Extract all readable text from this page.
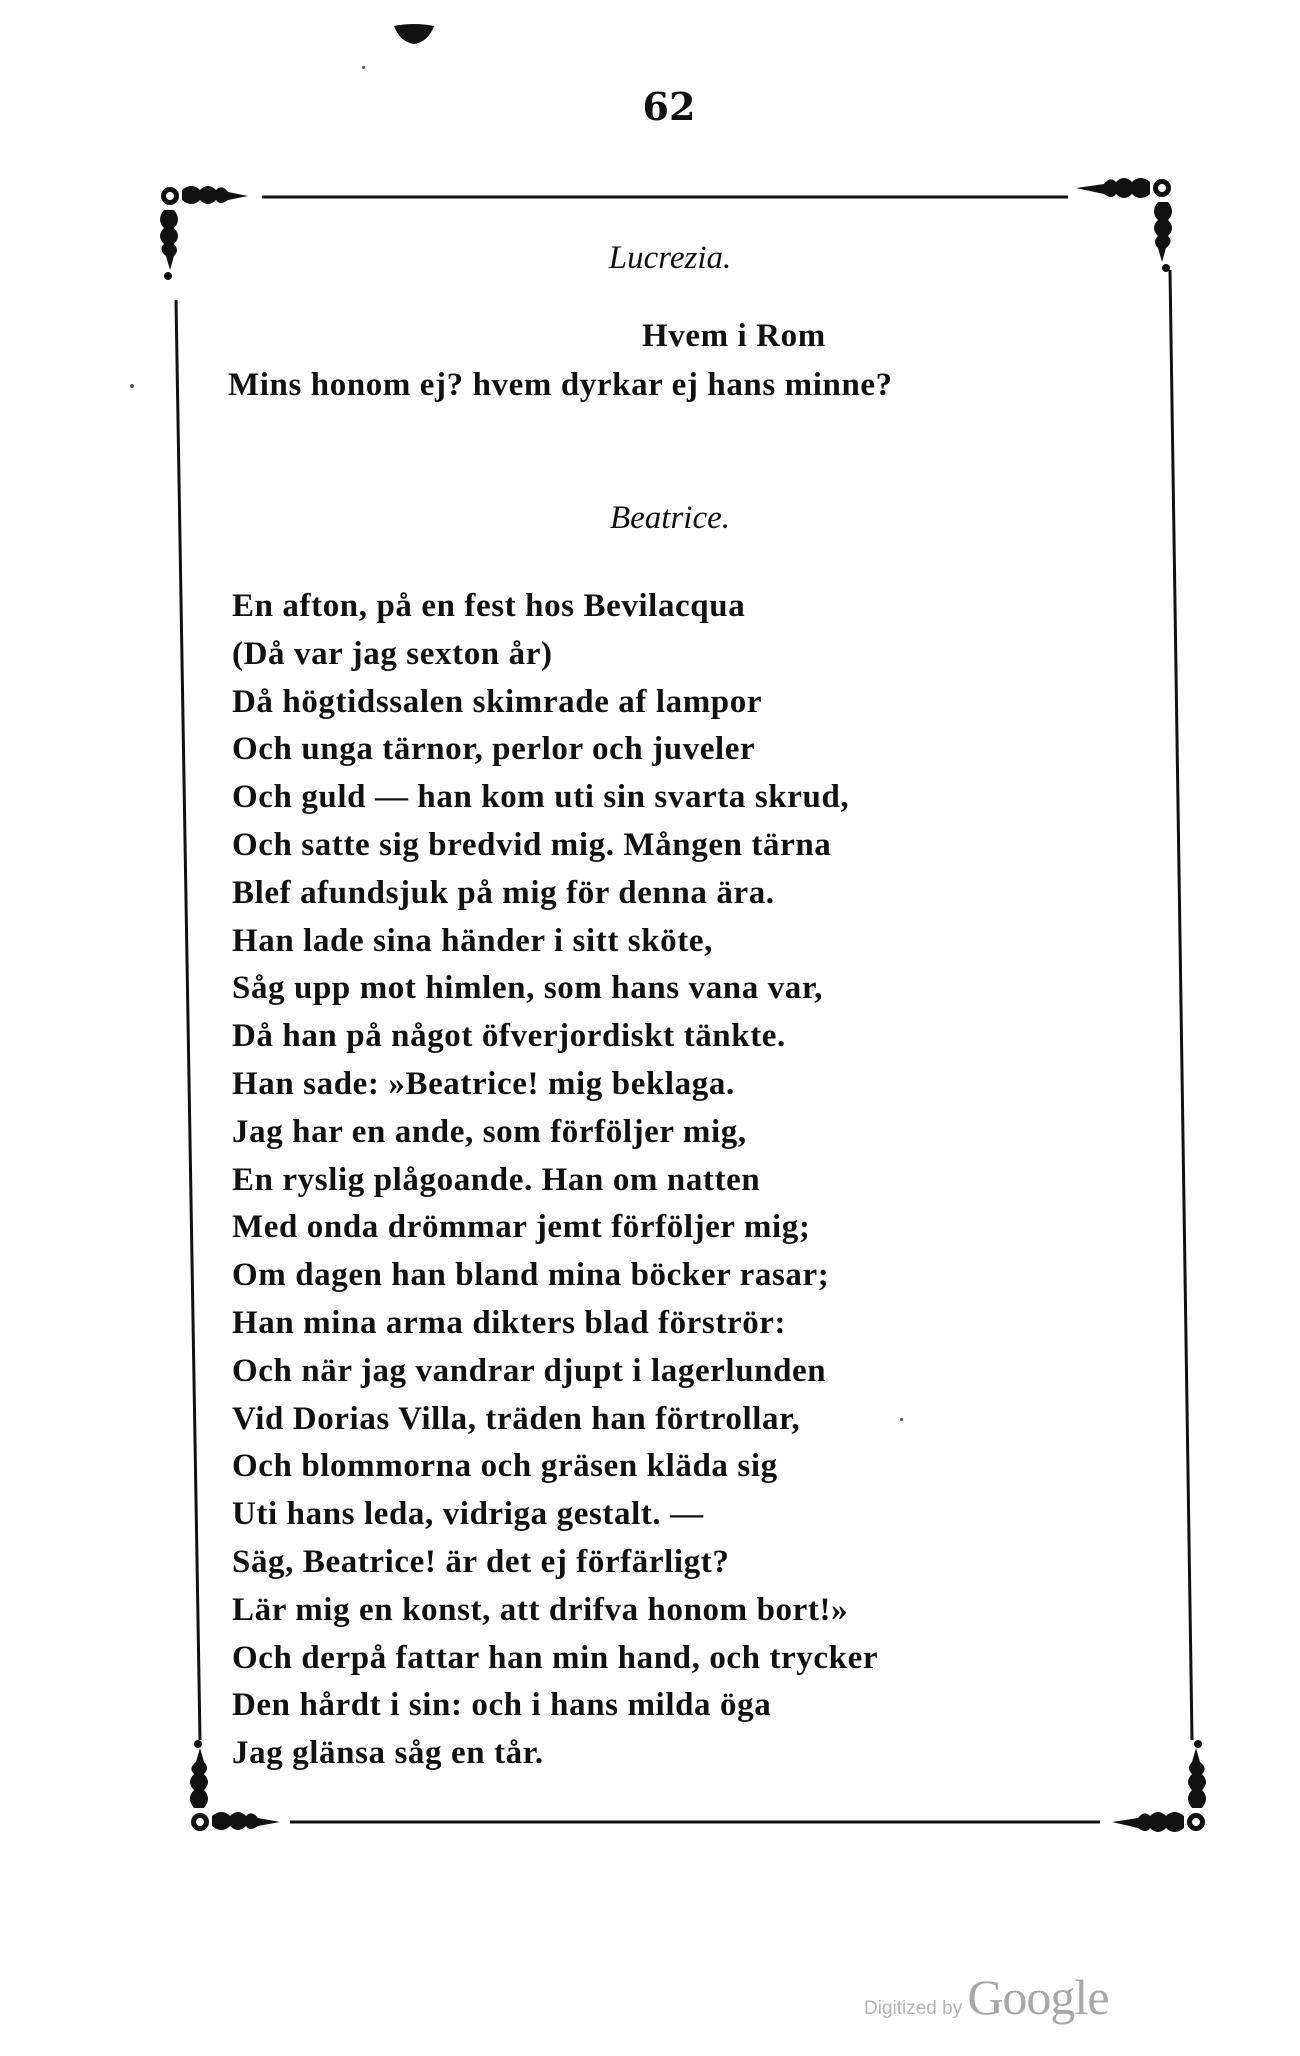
62
Lucrezia.
Hvem i Rom
Mins honom ej? hvem dyrkar ej hans minne?
Beatrice.
En afton, på en fest hos Bevilacqua
(Då var jag sexton år)
Då högtidssalen skimrade af lampor
Och unga tärnor, perlor och juveler
Och guld — han kom uti sin svarta skrud,
Och satte sig bredvid mig. Mången tärna
Blef afundsjuk på mig för denna ära.
Han lade sina händer i sitt sköte,
Såg upp mot himlen, som hans vana var,
Då han på något öfverjordiskt tänkte.
Han sade: »Beatrice! mig beklaga.
Jag har en ande, som förföljer mig,
En ryslig plågoande. Han om natten
Med onda drömmar jemt förföljer mig;
Om dagen han bland mina böcker rasar;
Han mina arma dikters blad förströr:
Och när jag vandrar djupt i lagerlunden
Vid Dorias Villa, träden han förtrollar,
Och blommorna och gräsen kläda sig
Uti hans leda, vidriga gestalt. —
Säg, Beatrice! är det ej förfärligt?
Lär mig en konst, att drifva honom bort!»
Och derpå fattar han min hand, och trycker
Den hårdt i sin: och i hans milda öga
Jag glänsa såg en tår.
Digitized by Google
